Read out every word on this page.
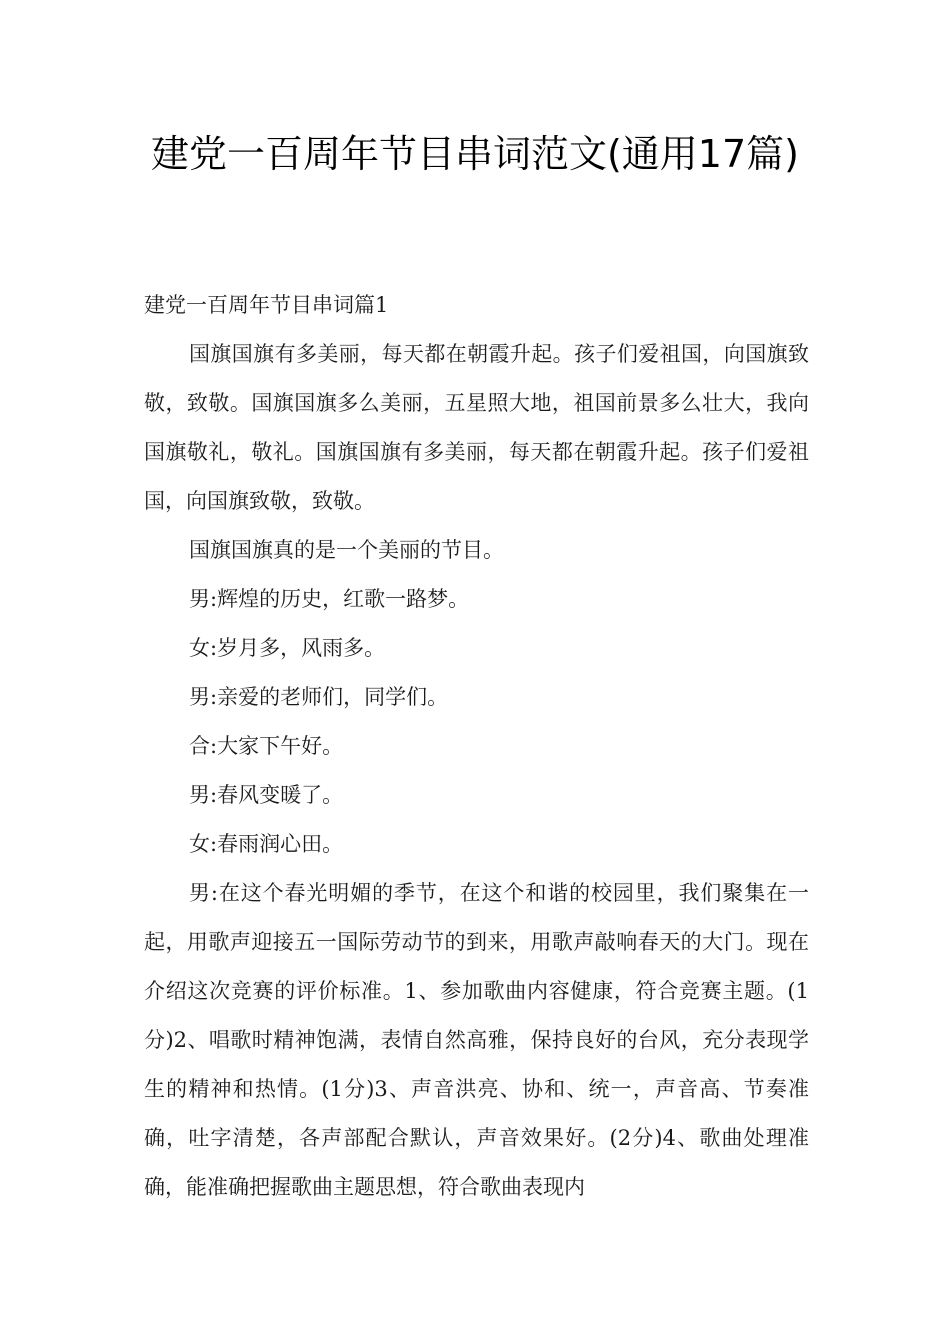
建党一百周年节目串词范文(通用17篇)

建党一百周年节目串词篇1

国旗国旗有多美丽，每天都在朝霞升起。孩子们爱祖国，向国旗致敬，致敬。国旗国旗多么美丽，五星照大地，祖国前景多么壮大，我向国旗敬礼，敬礼。国旗国旗有多美丽，每天都在朝霞升起。孩子们爱祖国，向国旗致敬，致敬。

国旗国旗真的是一个美丽的节目。

男:辉煌的历史，红歌一路梦。

女:岁月多，风雨多。

男:亲爱的老师们，同学们。

合:大家下午好。

男:春风变暖了。

女:春雨润心田。

男:在这个春光明媚的季节，在这个和谐的校园里，我们聚集在一起，用歌声迎接五一国际劳动节的到来，用歌声敲响春天的大门。现在介绍这次竞赛的评价标准。1、参加歌曲内容健康，符合竞赛主题。(1分)2、唱歌时精神饱满，表情自然高雅，保持良好的台风，充分表现学生的精神和热情。(1分)3、声音洪亮、协和、统一，声音高、节奏准确，吐字清楚，各声部配合默认，声音效果好。(2分)4、歌曲处理准确，能准确把握歌曲主题思想，符合歌曲表现内
